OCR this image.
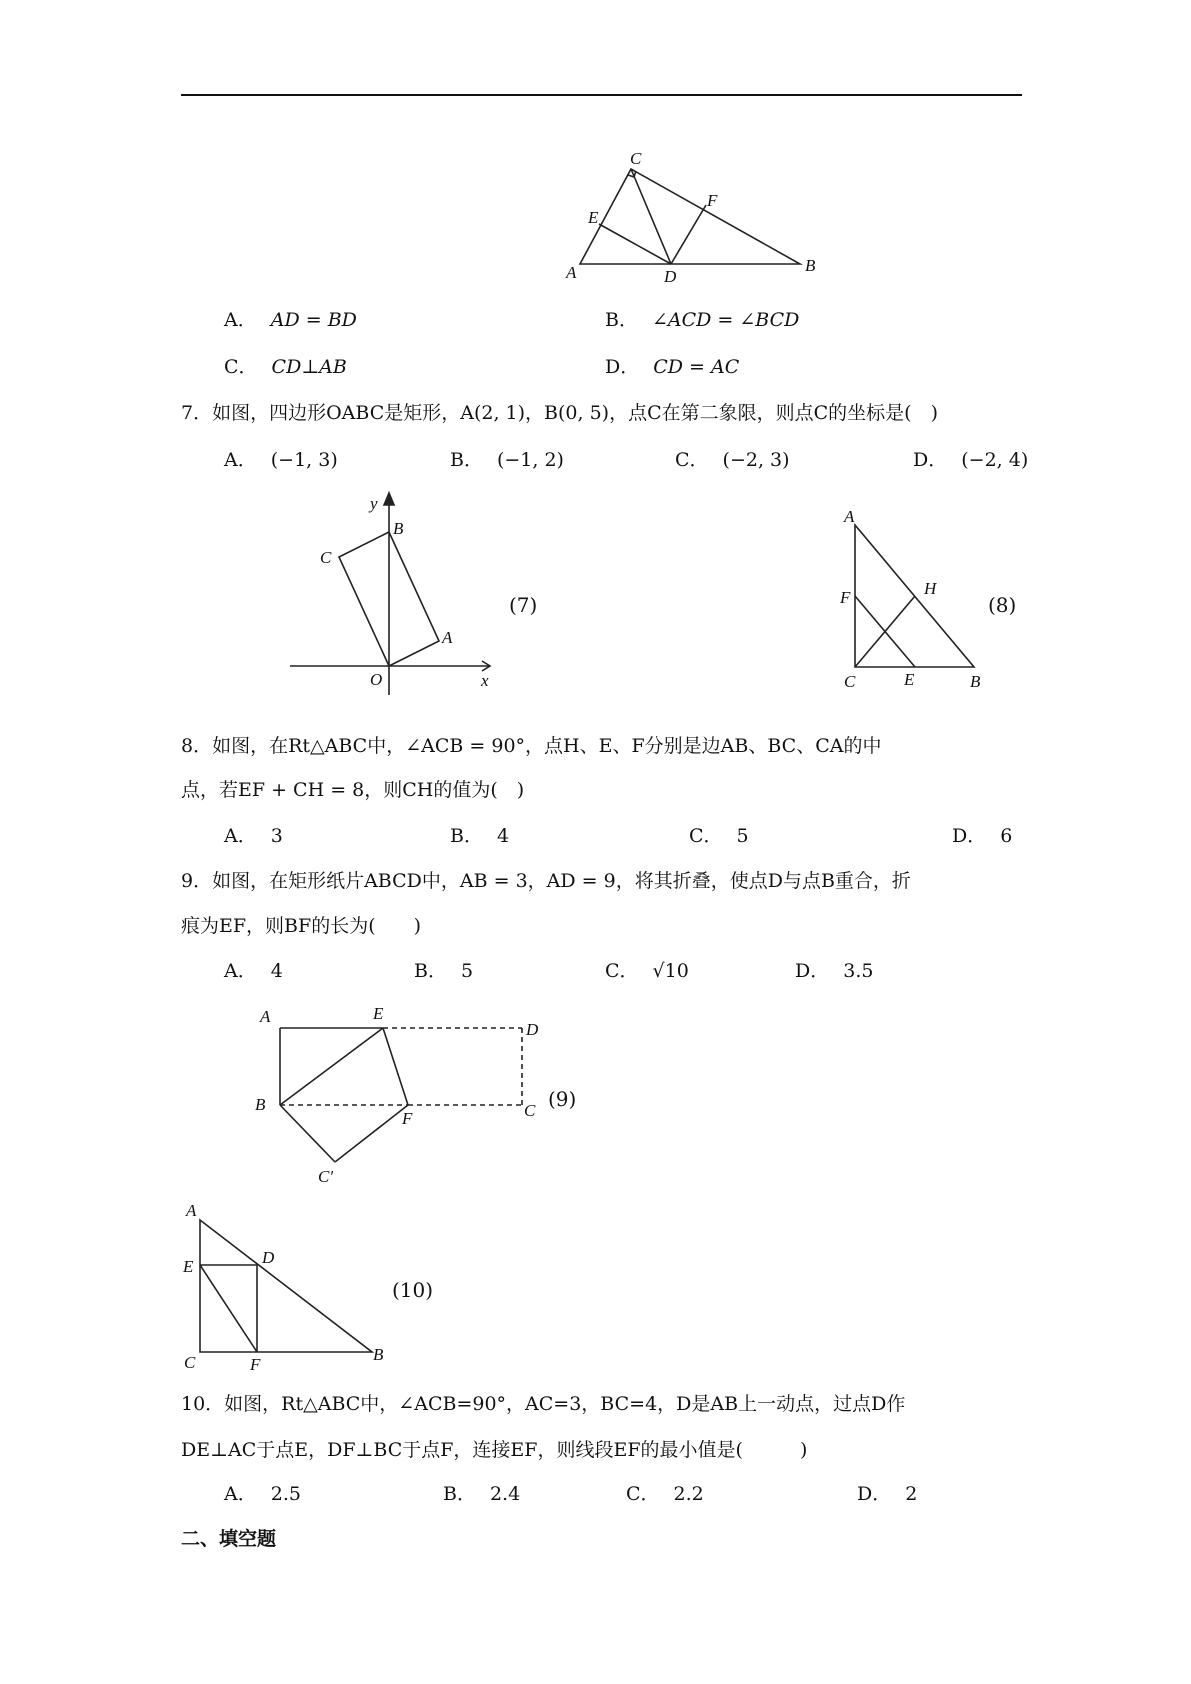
C
E
F
A	D
B
A． AD = BD	B． ∠ACD = ∠BCD
C． CD⊥AB	D． CD = AC
7．如图，四边形OABC是矩形，A(2, 1)，B(0, 5)，点C在第二象限，则点C的坐标是(　)
A． (−1, 3)	B． (−1, 2)	C． (−2, 3)	D． (−2, 4)
y
x
O
A
B
C
(7)
A
H
F
C	E	B
(8)
8．如图，在Rt△ABC中，∠ACB = 90°，点H、E、F分别是边AB、BC、CA的中
点，若EF + CH = 8，则CH的值为(　)
A． 3	B． 4	C． 5	D． 6
9．如图，在矩形纸片ABCD中，AB = 3，AD = 9，将其折叠，使点D与点B重合，折
痕为EF，则BF的长为(　　)
A． 4	B． 5	C． √10	D． 3.5
A	E
D
B
F	C
C′
(9)
A
E	D
C	F
B
(10)
10．如图，Rt△ABC中，∠ACB=90°，AC=3，BC=4，D是AB上一动点，过点D作
DE⊥AC于点E，DF⊥BC于点F，连接EF，则线段EF的最小值是(　　　)
A． 2.5	B． 2.4	C． 2.2	D． 2
二、填空题
